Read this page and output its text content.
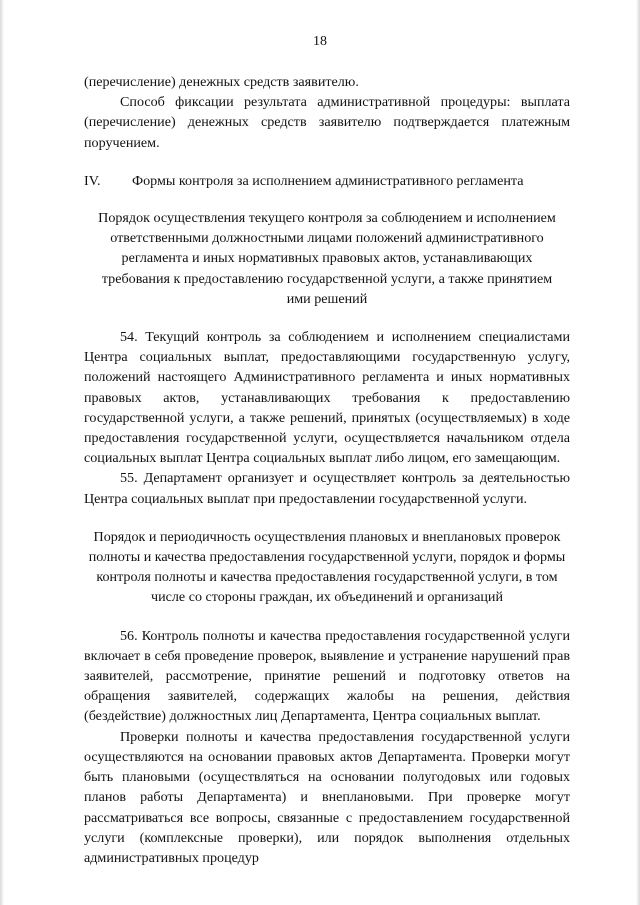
18

(перечисление) денежных средств заявителю.

Способ фиксации результата административной процедуры: выплата (перечисление) денежных средств заявителю подтверждается платежным поручением.

IV. Формы контроля за исполнением административного регламента

Порядок осуществления текущего контроля за соблюдением и исполнением ответственными должностными лицами положений административного регламента и иных нормативных правовых актов, устанавливающих требования к предоставлению государственной услуги, а также принятием ими решений

54. Текущий контроль за соблюдением и исполнением специалистами Центра социальных выплат, предоставляющими государственную услугу, положений настоящего Административного регламента и иных нормативных правовых актов, устанавливающих требования к предоставлению государственной услуги, а также решений, принятых (осуществляемых) в ходе предоставления государственной услуги, осуществляется начальником отдела социальных выплат Центра социальных выплат либо лицом, его замещающим.

55. Департамент организует и осуществляет контроль за деятельностью Центра социальных выплат при предоставлении государственной услуги.

Порядок и периодичность осуществления плановых и внеплановых проверок полноты и качества предоставления государственной услуги, порядок и формы контроля полноты и качества предоставления государственной услуги, в том числе со стороны граждан, их объединений и организаций

56. Контроль полноты и качества предоставления государственной услуги включает в себя проведение проверок, выявление и устранение нарушений прав заявителей, рассмотрение, принятие решений и подготовку ответов на обращения заявителей, содержащих жалобы на решения, действия (бездействие) должностных лиц Департамента, Центра социальных выплат.

Проверки полноты и качества предоставления государственной услуги осуществляются на основании правовых актов Департамента. Проверки могут быть плановыми (осуществляться на основании полугодовых или годовых планов работы Департамента) и внеплановыми. При проверке могут рассматриваться все вопросы, связанные с предоставлением государственной услуги (комплексные проверки), или порядок выполнения отдельных административных процедур
